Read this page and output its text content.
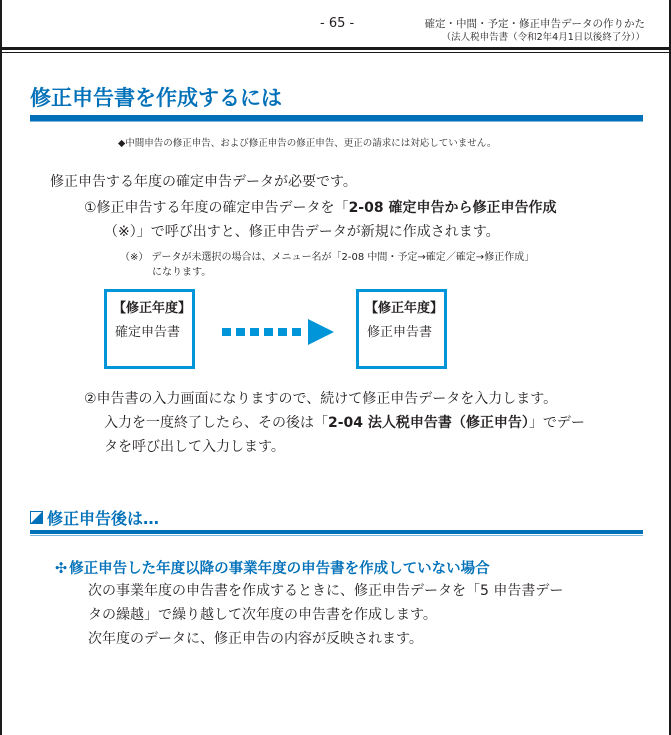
- 65 -	確定・中間・予定・修正申告データの作りかた
（法人税申告書（令和2年4月1日以後終了分））
修正申告書を作成するには
◆中間申告の修正申告、および修正申告の修正申告、更正の請求には対応していません。
修正申告する年度の確定申告データが必要です。
①修正申告する年度の確定申告データを「2-08 確定申告から修正申告作成
（※）」で呼び出すと、修正申告データが新規に作成されます。
（※） データが未選択の場合は、メニュー名が「2-08 中間・予定→確定／確定→修正作成」
になります。
【修正年度】
確定申告書
【修正年度】
修正申告書
②申告書の入力画面になりますので、続けて修正申告データを入力します。
入力を一度終了したら、その後は「2-04 法人税申告書（修正申告）」でデー
タを呼び出して入力します。
修正申告後は…
✣ 修正申告した年度以降の事業年度の申告書を作成していない場合
次の事業年度の申告書を作成するときに、修正申告データを「5 申告書デー
タの繰越」で繰り越して次年度の申告書を作成します。
次年度のデータに、修正申告の内容が反映されます。
